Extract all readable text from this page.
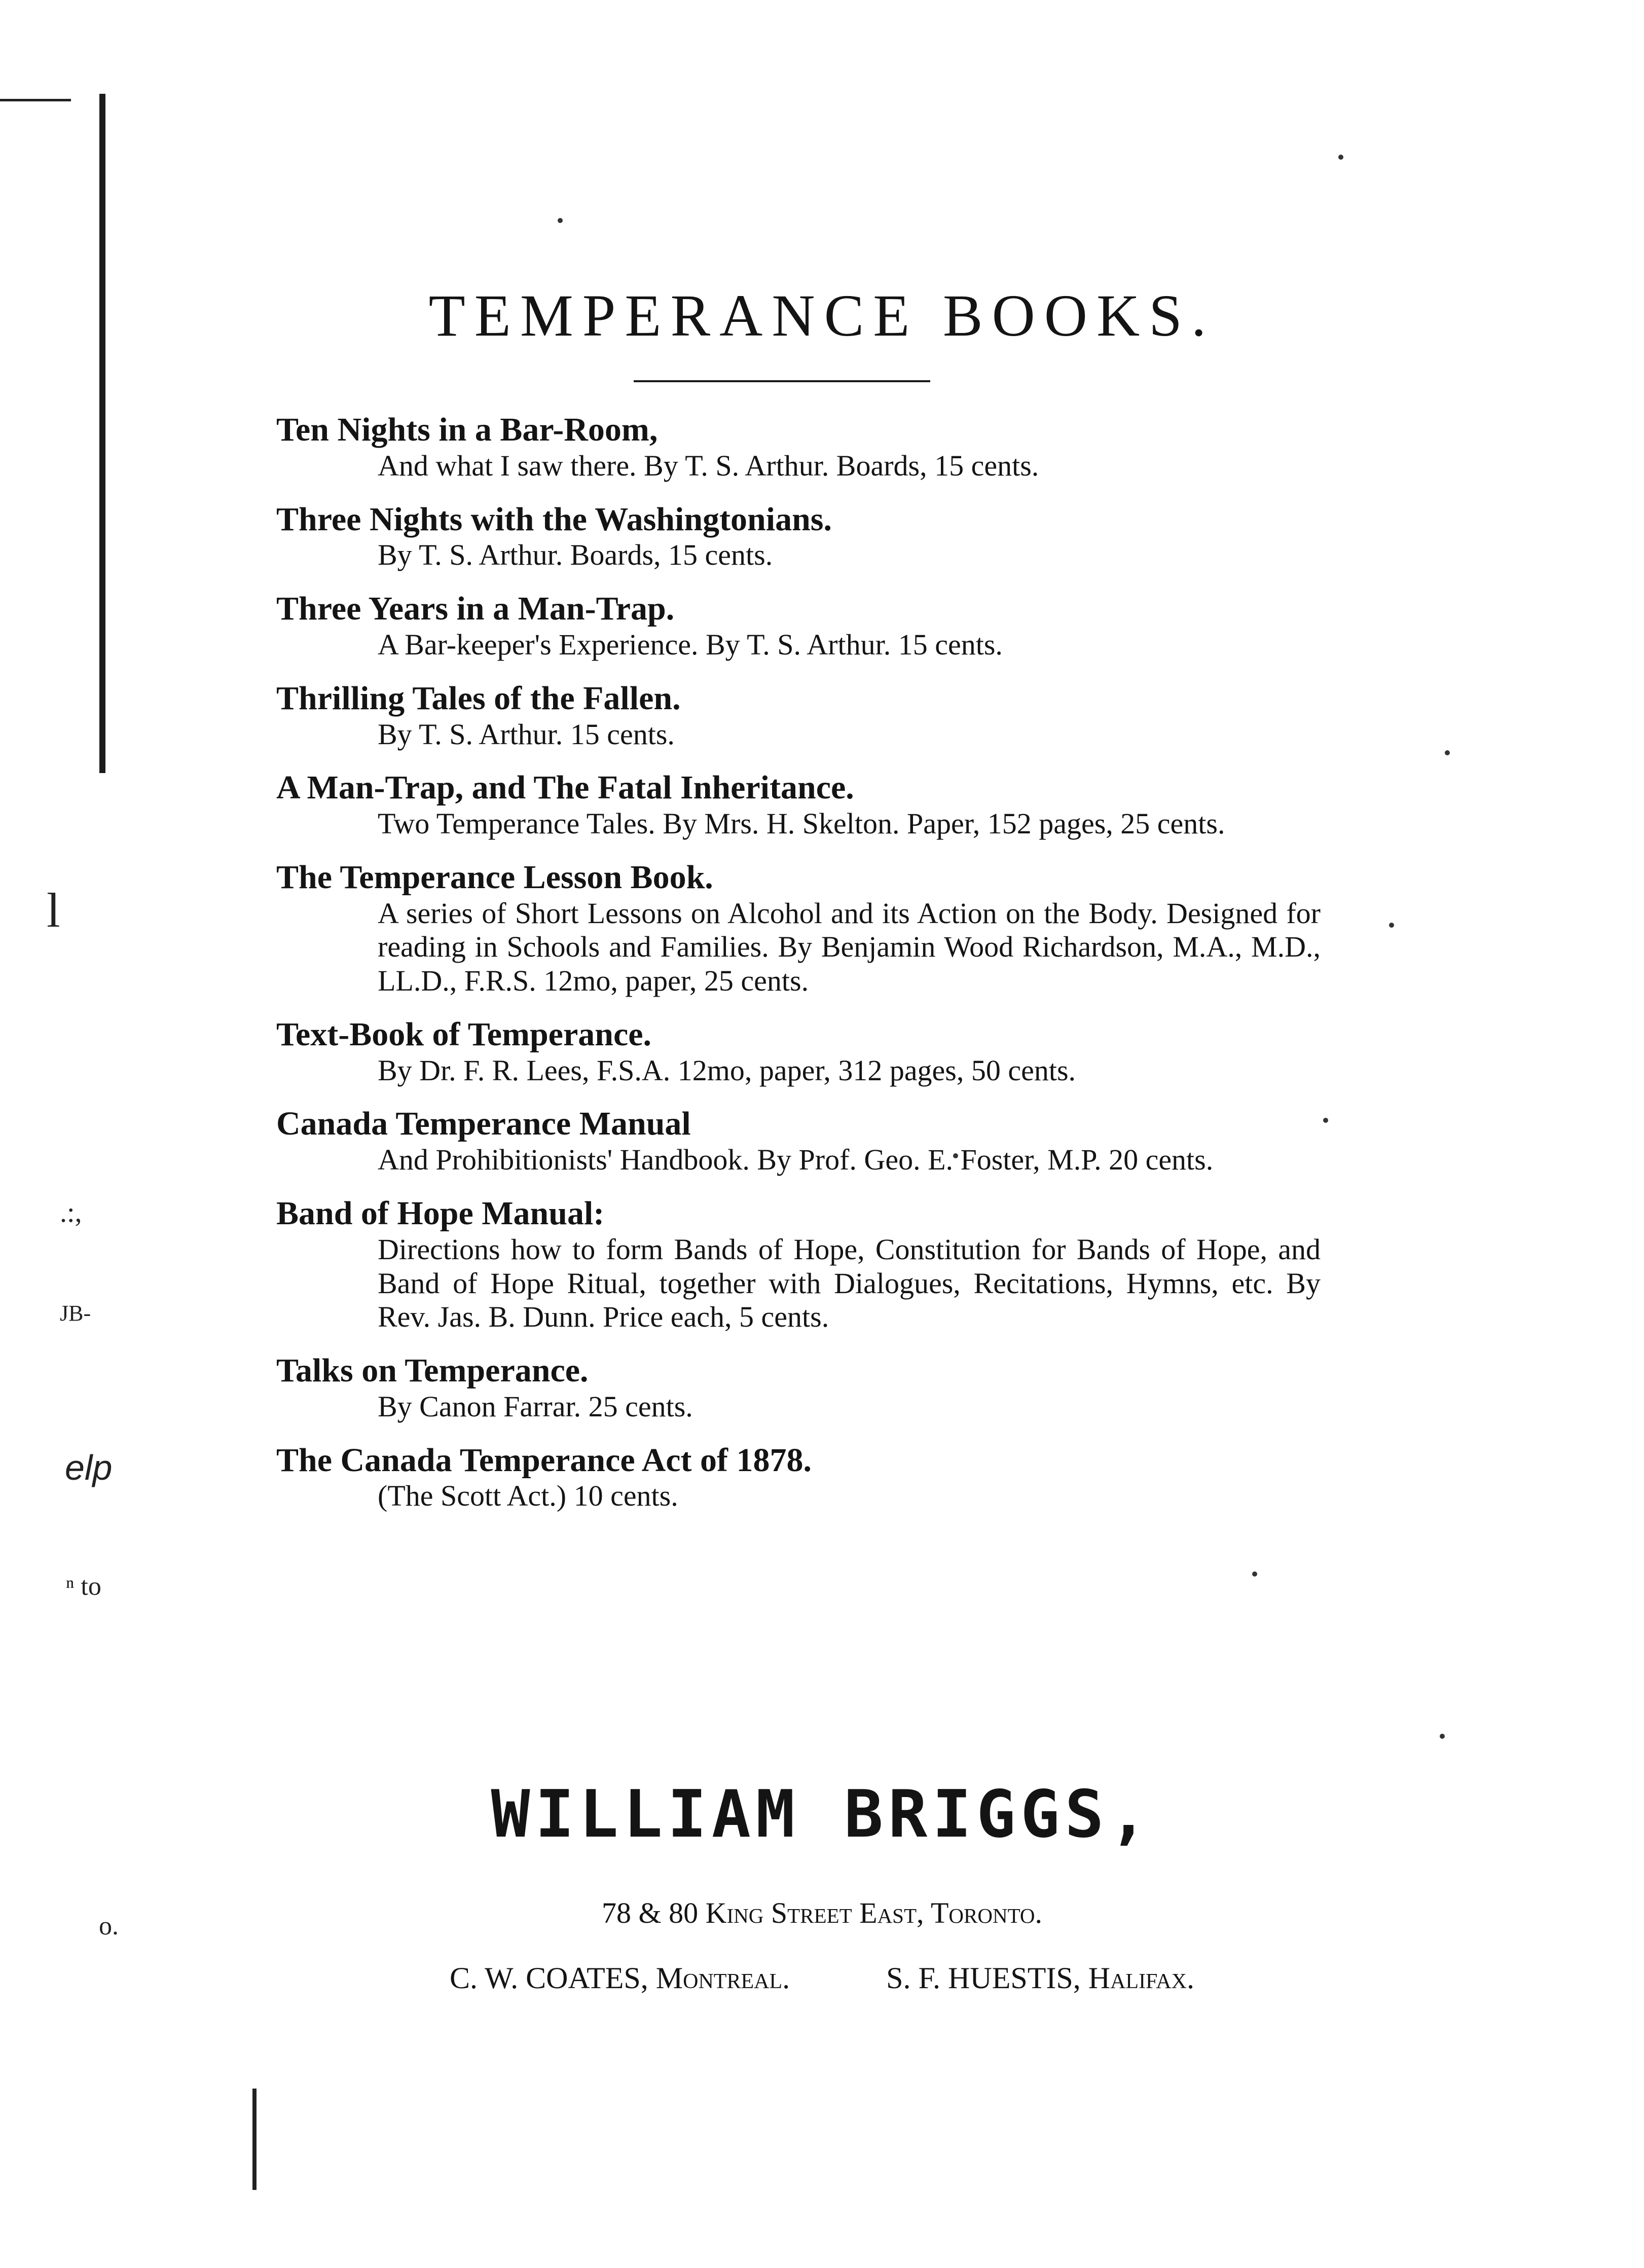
l
.:,
JB-
elp
ⁿ to
o.
TEMPERANCE BOOKS.
Ten Nights in a Bar-Room,
And what I saw there. By T. S. Arthur. Boards, 15 cents.
Three Nights with the Washingtonians.
By T. S. Arthur. Boards, 15 cents.
Three Years in a Man-Trap.
A Bar-keeper's Experience. By T. S. Arthur. 15 cents.
Thrilling Tales of the Fallen.
By T. S. Arthur. 15 cents.
A Man-Trap, and The Fatal Inheritance.
Two Temperance Tales. By Mrs. H. Skelton. Paper, 152 pages, 25 cents.
The Temperance Lesson Book.
A series of Short Lessons on Alcohol and its Action on the Body. Designed for reading in Schools and Families. By Benjamin Wood Richardson, M.A., M.D., LL.D., F.R.S. 12mo, paper, 25 cents.
Text-Book of Temperance.
By Dr. F. R. Lees, F.S.A. 12mo, paper, 312 pages, 50 cents.
Canada Temperance Manual
And Prohibitionists' Handbook. By Prof. Geo. E. Foster, M.P. 20 cents.
Band of Hope Manual:
Directions how to form Bands of Hope, Constitution for Bands of Hope, and Band of Hope Ritual, together with Dialogues, Recitations, Hymns, etc. By Rev. Jas. B. Dunn. Price each, 5 cents.
Talks on Temperance.
By Canon Farrar. 25 cents.
The Canada Temperance Act of 1878.
(The Scott Act.) 10 cents.
WILLIAM BRIGGS,
78 & 80 King Street East, Toronto.
C. W. COATES, Montreal.	S. F. HUESTIS, Halifax.
